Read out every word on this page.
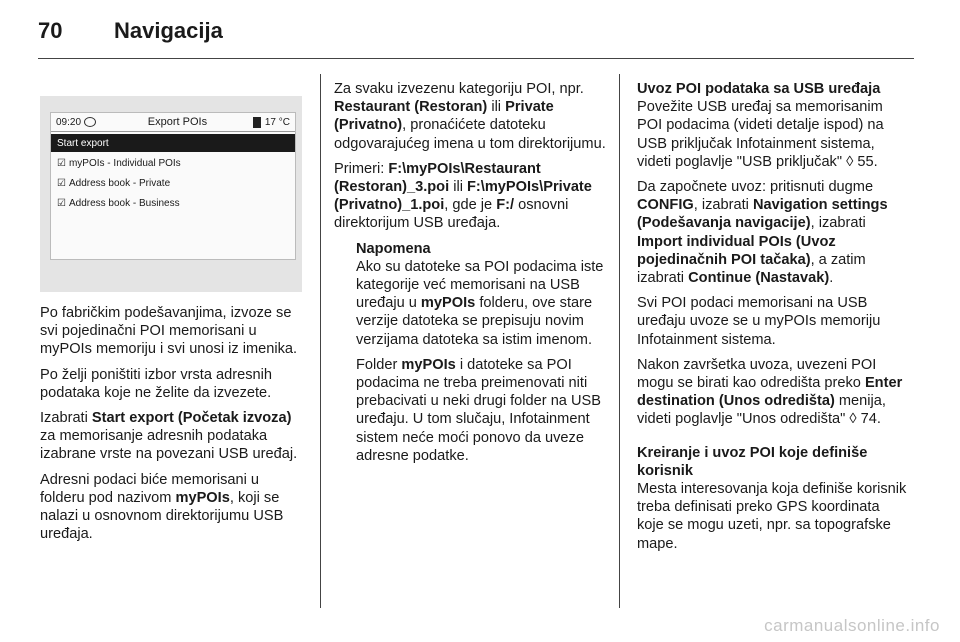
70 Navigacija
09:20	Export POIs	17 °C
Start export
☑ myPOIs - Individual POIs
☑ Address book - Private
☑ Address book - Business

Po fabričkim podešavanjima, izvoze se svi pojedinačni POI memorisani u myPOIs memoriju i svi unosi iz imenika.

Po želji poništiti izbor vrsta adresnih podataka koje ne želite da izvezete.

Izabrati Start export (Početak izvoza) za memorisanje adresnih podataka izabrane vrste na povezani USB uređaj.

Adresni podaci biće memorisani u folderu pod nazivom myPOIs, koji se nalazi u osnovnom direktorijumu USB uređaja.

Za svaku izvezenu kategoriju POI, npr. Restaurant (Restoran) ili Private (Privatno), pronaćićete datoteku odgovarajućeg imena u tom direktorijumu.

Primeri: F:\myPOIs\Restaurant (Restoran)_3.poi ili F:\myPOIs\Private (Privatno)_1.poi, gde je F:/ osnovni direktorijum USB uređaja.

Napomena

Ako su datoteke sa POI podacima iste kategorije već memorisani na USB uređaju u myPOIs folderu, ove stare verzije datoteka se prepisuju novim verzijama datoteka sa istim imenom.

Folder myPOIs i datoteke sa POI podacima ne treba preimenovati niti prebacivati u neki drugi folder na USB uređaju. U tom slučaju, Infotainment sistem neće moći ponovo da uveze adresne podatke.

Uvoz POI podataka sa USB uređaja

Povežite USB uređaj sa memorisanim POI podacima (videti detalje ispod) na USB priključak Infotainment sistema, videti poglavlje "USB priključak" ◊ 55.

Da započnete uvoz: pritisnuti dugme CONFIG, izabrati Navigation settings (Podešavanja navigacije), izabrati Import individual POIs (Uvoz pojedinačnih POI tačaka), a zatim izabrati Continue (Nastavak).

Svi POI podaci memorisani na USB uređaju uvoze se u myPOIs memoriju Infotainment sistema.

Nakon završetka uvoza, uvezeni POI mogu se birati kao odredišta preko Enter destination (Unos odredišta) menija, videti poglavlje "Unos odredišta" ◊ 74.

Kreiranje i uvoz POI koje definiše korisnik

Mesta interesovanja koja definiše korisnik treba definisati preko GPS koordinata koje se mogu uzeti, npr. sa topografske mape.

carmanualsonline.info
